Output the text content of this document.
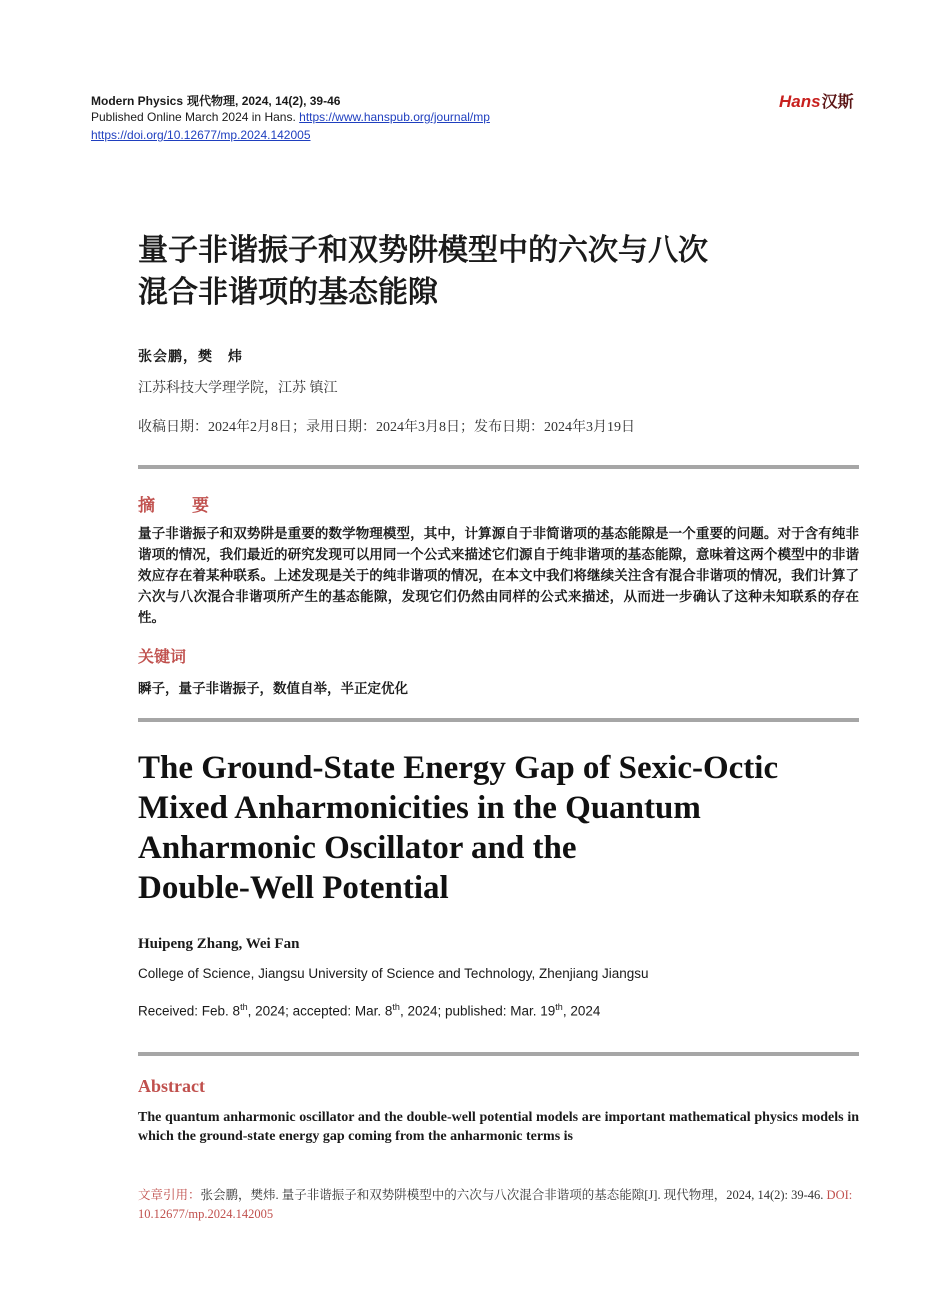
Modern Physics 现代物理, 2024, 14(2), 39-46
Published Online March 2024 in Hans. https://www.hanspub.org/journal/mp
https://doi.org/10.12677/mp.2024.142005
Hans汉斯
量子非谐振子和双势阱模型中的六次与八次
混合非谐项的基态能隙
张会鹏，樊　炜
江苏科技大学理学院，江苏 镇江
收稿日期：2024年2月8日；录用日期：2024年3月8日；发布日期：2024年3月19日
摘　要
量子非谐振子和双势阱是重要的数学物理模型，其中，计算源自于非简谐项的基态能隙是一个重要的问题。对于含有纯非谐项的情况，我们最近的研究发现可以用同一个公式来描述它们源自于纯非谐项的基态能隙，意味着这两个模型中的非谐效应存在着某种联系。上述发现是关于的纯非谐项的情况，在本文中我们将继续关注含有混合非谐项的情况，我们计算了六次与八次混合非谐项所产生的基态能隙，发现它们仍然由同样的公式来描述，从而进一步确认了这种未知联系的存在性。
关键词
瞬子，量子非谐振子，数值自举，半正定优化
The Ground-State Energy Gap of Sexic-Octic
Mixed Anharmonicities in the Quantum
Anharmonic Oscillator and the
Double-Well Potential
Huipeng Zhang, Wei Fan
College of Science, Jiangsu University of Science and Technology, Zhenjiang Jiangsu
Received: Feb. 8th, 2024; accepted: Mar. 8th, 2024; published: Mar. 19th, 2024
Abstract
The quantum anharmonic oscillator and the double-well potential models are important mathematical physics models in which the ground-state energy gap coming from the anharmonic terms is
文章引用：张会鹏，樊炜. 量子非谐振子和双势阱模型中的六次与八次混合非谐项的基态能隙[J]. 现代物理，2024, 14(2): 39-46. DOI: 10.12677/mp.2024.142005
